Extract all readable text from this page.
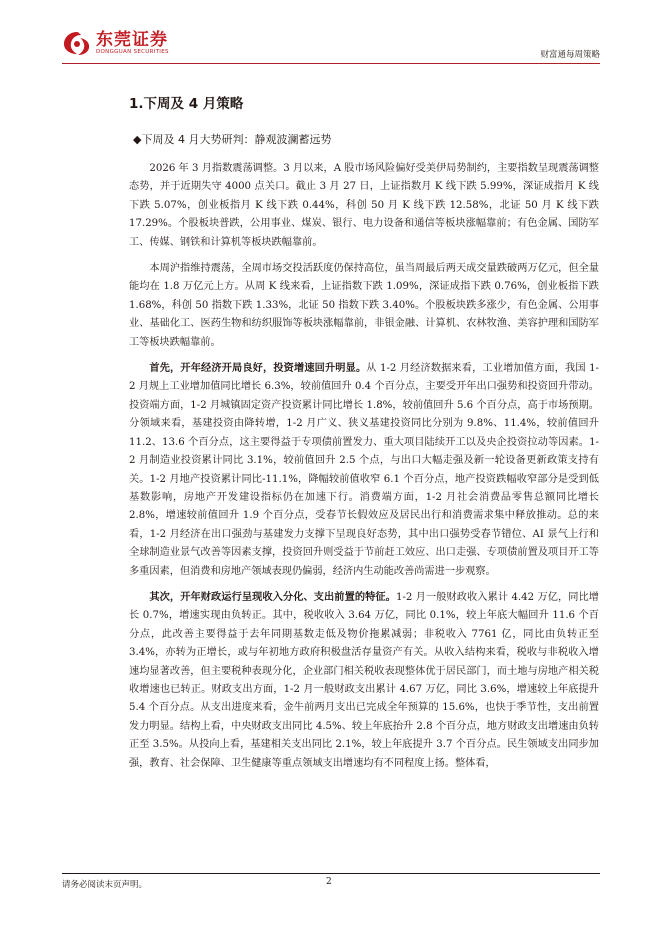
东莞证券
DONGGUAN SECURITIES	财富通每周策略
1.下周及 4 月策略
◆下周及 4 月大势研判：静观波澜蓄远势

2026 年 3 月指数震荡调整。3 月以来，A 股市场风险偏好受美伊局势制约，主要指数呈现震荡调整态势，并于近期失守 4000 点关口。截止 3 月 27 日，上证指数月 K 线下跌 5.99%，深证成指月 K 线下跌 5.07%，创业板指月 K 线下跌 0.44%，科创 50 月 K 线下跌 12.58%，北证 50 月 K 线下跌 17.29%。个股板块普跌，公用事业、煤炭、银行、电力设备和通信等板块涨幅靠前；有色金属、国防军工、传媒、钢铁和计算机等板块跌幅靠前。

本周沪指维持震荡，全周市场交投活跃度仍保持高位，虽当周最后两天成交量跌破两万亿元，但全量能均在 1.8 万亿元上方。从周 K 线来看，上证指数下跌 1.09%，深证成指下跌 0.76%，创业板指下跌 1.68%，科创 50 指数下跌 1.33%，北证 50 指数下跌 3.40%。个股板块跌多涨少，有色金属、公用事业、基础化工、医药生物和纺织服饰等板块涨幅靠前，非银金融、计算机、农林牧渔、美容护理和国防军工等板块跌幅靠前。

首先，开年经济开局良好，投资增速回升明显。从 1-2 月经济数据来看，工业增加值方面，我国 1-2 月规上工业增加值同比增长 6.3%，较前值回升 0.4 个百分点，主要受开年出口强势和投资回升带动。投资端方面，1-2 月城镇固定资产投资累计同比增长 1.8%，较前值回升 5.6 个百分点，高于市场预期。分领域来看，基建投资由降转增，1-2 月广义、狭义基建投资同比分别为 9.8%、11.4%，较前值回升 11.2、13.6 个百分点，这主要得益于专项债前置发力、重大项目陆续开工以及央企投资拉动等因素。1-2 月制造业投资累计同比 3.1%，较前值回升 2.5 个点，与出口大幅走强及新一轮设备更新政策支持有关。1-2 月地产投资累计同比-11.1%，降幅较前值收窄 6.1 个百分点，地产投资跌幅收窄部分是受到低基数影响，房地产开发建设指标仍在加速下行。消费端方面，1-2 月社会消费品零售总额同比增长 2.8%，增速较前值回升 1.9 个百分点，受春节长假效应及居民出行和消费需求集中释放推动。总的来看，1-2 月经济在出口强劲与基建发力支撑下呈现良好态势，其中出口强势受春节错位、AI 景气上行和全球制造业景气改善等因素支撑，投资回升则受益于节前赶工效应、出口走强、专项债前置及项目开工等多重因素，但消费和房地产领域表现仍偏弱，经济内生动能改善尚需进一步观察。

其次，开年财政运行呈现收入分化、支出前置的特征。1-2 月一般财政收入累计 4.42 万亿，同比增长 0.7%，增速实现由负转正。其中，税收收入 3.64 万亿，同比 0.1%，较上年底大幅回升 11.6 个百分点，此改善主要得益于去年同期基数走低及物价拖累减弱；非税收入 7761 亿，同比由负转正至 3.4%，亦转为正增长，或与年初地方政府积极盘活存量资产有关。从收入结构来看，税收与非税收入增速均显著改善，但主要税种表现分化，企业部门相关税收表现整体优于居民部门，而土地与房地产相关税收增速也已转正。财政支出方面，1-2 月一般财政支出累计 4.67 万亿，同比 3.6%，增速较上年底提升 5.4 个百分点。从支出进度来看，金牛前两月支出已完成全年预算的 15.6%，也快于季节性，支出前置发力明显。结构上看，中央财政支出同比 4.5%、较上年底抬升 2.8 个百分点，地方财政支出增速由负转正至 3.5%。从投向上看，基建相关支出同比 2.1%，较上年底提升 3.7 个百分点。民生领域支出同步加强，教育、社会保障、卫生健康等重点领域支出增速均有不同程度上扬。整体看，

请务必阅读末页声明。	2
